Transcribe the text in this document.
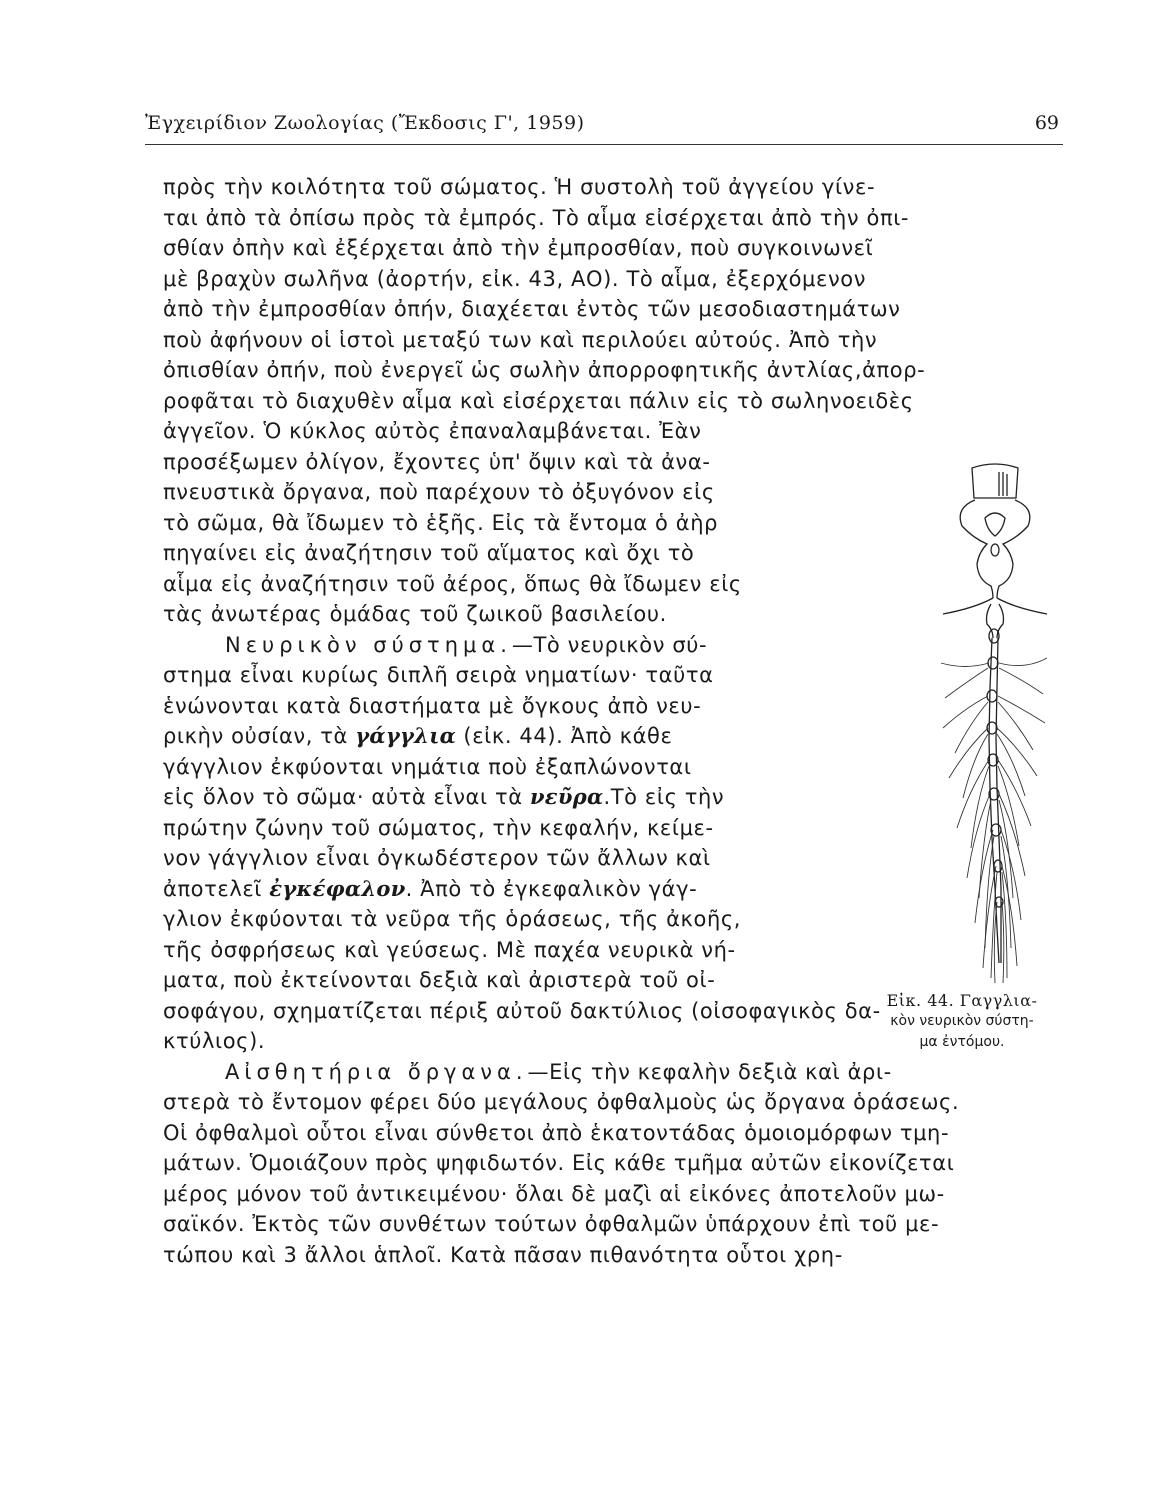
Ἐγχειρίδιον Ζωολογίας (Ἔκδοσις Γ', 1959)	69
πρὸς τὴν κοιλότητα τοῦ σώματος. Ἡ συστολὴ τοῦ ἀγγείου γίνε-
ται ἀπὸ τὰ ὀπίσω πρὸς τὰ ἐμπρός. Τὸ αἷμα εἰσέρχεται ἀπὸ τὴν ὀπι-
σθίαν ὀπὴν καὶ ἐξέρχεται ἀπὸ τὴν ἐμπροσθίαν, ποὺ συγκοινωνεῖ
μὲ βραχὺν σωλῆνα (ἀορτήν, εἰκ. 43, ΑΟ). Τὸ αἷμα, ἐξερχόμενον
ἀπὸ τὴν ἐμπροσθίαν ὀπήν, διαχέεται ἐντὸς τῶν μεσοδιαστημάτων
ποὺ ἀφήνουν οἱ ἱστοὶ μεταξύ των καὶ περιλούει αὐτούς. Ἀπὸ τὴν
ὀπισθίαν ὀπήν, ποὺ ἐνεργεῖ ὡς σωλὴν ἀπορροφητικῆς ἀντλίας,ἀπορ-
ροφᾶται τὸ διαχυθὲν αἷμα καὶ εἰσέρχεται πάλιν εἰς τὸ σωληνοειδὲς
ἀγγεῖον. Ὁ κύκλος αὐτὸς ἐπαναλαμβάνεται. Ἐὰν
προσέξωμεν ὀλίγον, ἔχοντες ὑπ' ὄψιν καὶ τὰ ἀνα-
πνευστικὰ ὄργανα, ποὺ παρέχουν τὸ ὀξυγόνον εἰς
τὸ σῶμα, θὰ ἴδωμεν τὸ ἑξῆς. Εἰς τὰ ἔντομα ὁ ἀὴρ
πηγαίνει εἰς ἀναζήτησιν τοῦ αἵματος καὶ ὄχι τὸ
αἷμα εἰς ἀναζήτησιν τοῦ ἀέρος, ὅπως θὰ ἴδωμεν εἰς
τὰς ἀνωτέρας ὁμάδας τοῦ ζωικοῦ βασιλείου.
Νευρικὸν σύστημα.—Τὸ νευρικὸν σύ-
στημα εἶναι κυρίως διπλῆ σειρὰ νηματίων· ταῦτα
ἑνώνονται κατὰ διαστήματα μὲ ὄγκους ἀπὸ νευ-
ρικὴν οὐσίαν, τὰ γάγγλια (εἰκ. 44). Ἀπὸ κάθε
γάγγλιον ἐκφύονται νημάτια ποὺ ἐξαπλώνονται
εἰς ὅλον τὸ σῶμα· αὐτὰ εἶναι τὰ νεῦρα.Τὸ εἰς τὴν
πρώτην ζώνην τοῦ σώματος, τὴν κεφαλήν, κείμε-
νον γάγγλιον εἶναι ὀγκωδέστερον τῶν ἄλλων καὶ
ἀποτελεῖ ἐγκέφαλον. Ἀπὸ τὸ ἐγκεφαλικὸν γάγ-
γλιον ἐκφύονται τὰ νεῦρα τῆς ὁράσεως, τῆς ἀκοῆς,
τῆς ὀσφρήσεως καὶ γεύσεως. Μὲ παχέα νευρικὰ νή-
ματα, ποὺ ἐκτείνονται δεξιὰ καὶ ἀριστερὰ τοῦ οἰ-
σοφάγου, σχηματίζεται πέριξ αὐτοῦ δακτύλιος (οἰσοφαγικὸς δα-
κτύλιος).
Αἰσθητήρια ὄργανα.—Εἰς τὴν κεφαλὴν δεξιὰ καὶ ἀρι-
στερὰ τὸ ἔντομον φέρει δύο μεγάλους ὀφθαλμοὺς ὡς ὄργανα ὁράσεως.
Οἱ ὀφθαλμοὶ οὗτοι εἶναι σύνθετοι ἀπὸ ἑκατοντάδας ὁμοιομόρφων τμη-
μάτων. Ὁμοιάζουν πρὸς ψηφιδωτόν. Εἰς κάθε τμῆμα αὐτῶν εἰκονίζεται
μέρος μόνον τοῦ ἀντικειμένου· ὅλαι δὲ μαζὶ αἱ εἰκόνες ἀποτελοῦν μω-
σαϊκόν. Ἐκτὸς τῶν συνθέτων τούτων ὀφθαλμῶν ὑπάρχουν ἐπὶ τοῦ με-
τώπου καὶ 3 ἄλλοι ἁπλοῖ. Κατὰ πᾶσαν πιθανότητα οὗτοι χρη-
Εἰκ. 44. Γαγγλια-
κὸν νευρικὸν σύστη-
μα ἐντόμου.
